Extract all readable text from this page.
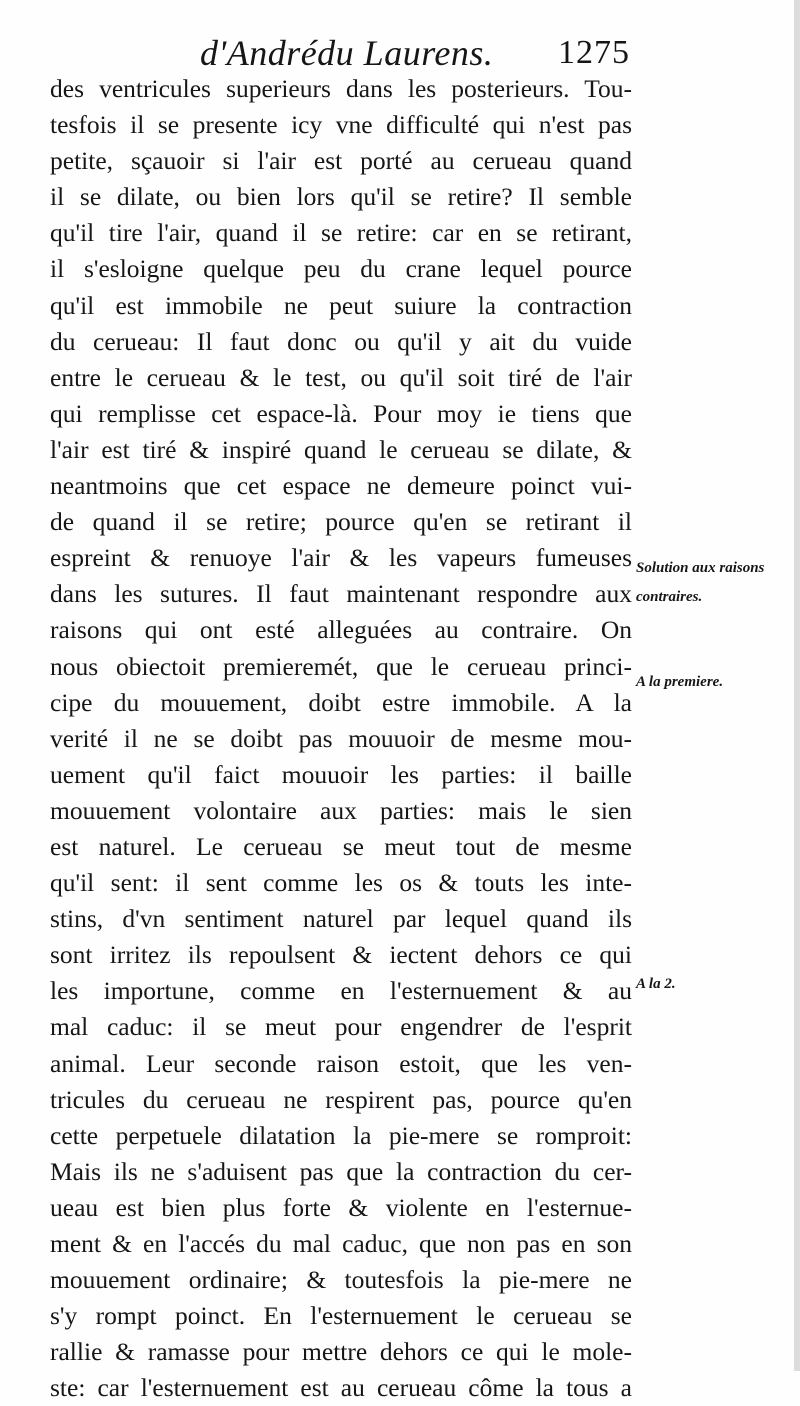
d'Andrédu Laurens. 1275
des ventricules superieurs dans les posterieurs. Tou-
tesfois il se presente icy vne difficulté qui n'est pas
petite, sçauoir si l'air est porté au cerueau quand
il se dilate, ou bien lors qu'il se retire? Il semble
qu'il tire l'air, quand il se retire: car en se retirant,
il s'esloigne quelque peu du crane lequel pource
qu'il est immobile ne peut suiure la contraction
du cerueau: Il faut donc ou qu'il y ait du vuide
entre le cerueau & le test, ou qu'il soit tiré de l'air
qui remplisse cet espace-là. Pour moy ie tiens que
l'air est tiré & inspiré quand le cerueau se dilate, &
neantmoins que cet espace ne demeure poinct vui-
de quand il se retire; pource qu'en se retirant il
espreint & renuoye l'air & les vapeurs fumeuses
dans les sutures. Il faut maintenant respondre aux
raisons qui ont esté alleguées au contraire. On
nous obiectoit premieremét, que le cerueau princi-
cipe du mouuement, doibt estre immobile. A la
verité il ne se doibt pas mouuoir de mesme mou-
uement qu'il faict mouuoir les parties: il baille
mouuement volontaire aux parties: mais le sien
est naturel. Le cerueau se meut tout de mesme
qu'il sent: il sent comme les os & touts les inte-
stins, d'vn sentiment naturel par lequel quand ils
sont irritez ils repoulsent & iectent dehors ce qui
les importune, comme en l'esternuement & au
mal caduc: il se meut pour engendrer de l'esprit
animal. Leur seconde raison estoit, que les ven-
tricules du cerueau ne respirent pas, pource qu'en
cette perpetuele dilatation la pie-mere se romproit:
Mais ils ne s'aduisent pas que la contraction du cer-
ueau est bien plus forte & violente en l'esternue-
ment & en l'accés du mal caduc, que non pas en son
mouuement ordinaire; & toutesfois la pie-mere ne
s'y rompt poinct. En l'esternuement le cerueau se
rallie & ramasse pour mettre dehors ce qui le mole-
ste: car l'esternuement est au cerueau côme la tous a
Solution aux raisons contraires.
A la premiere.
A la 2.
